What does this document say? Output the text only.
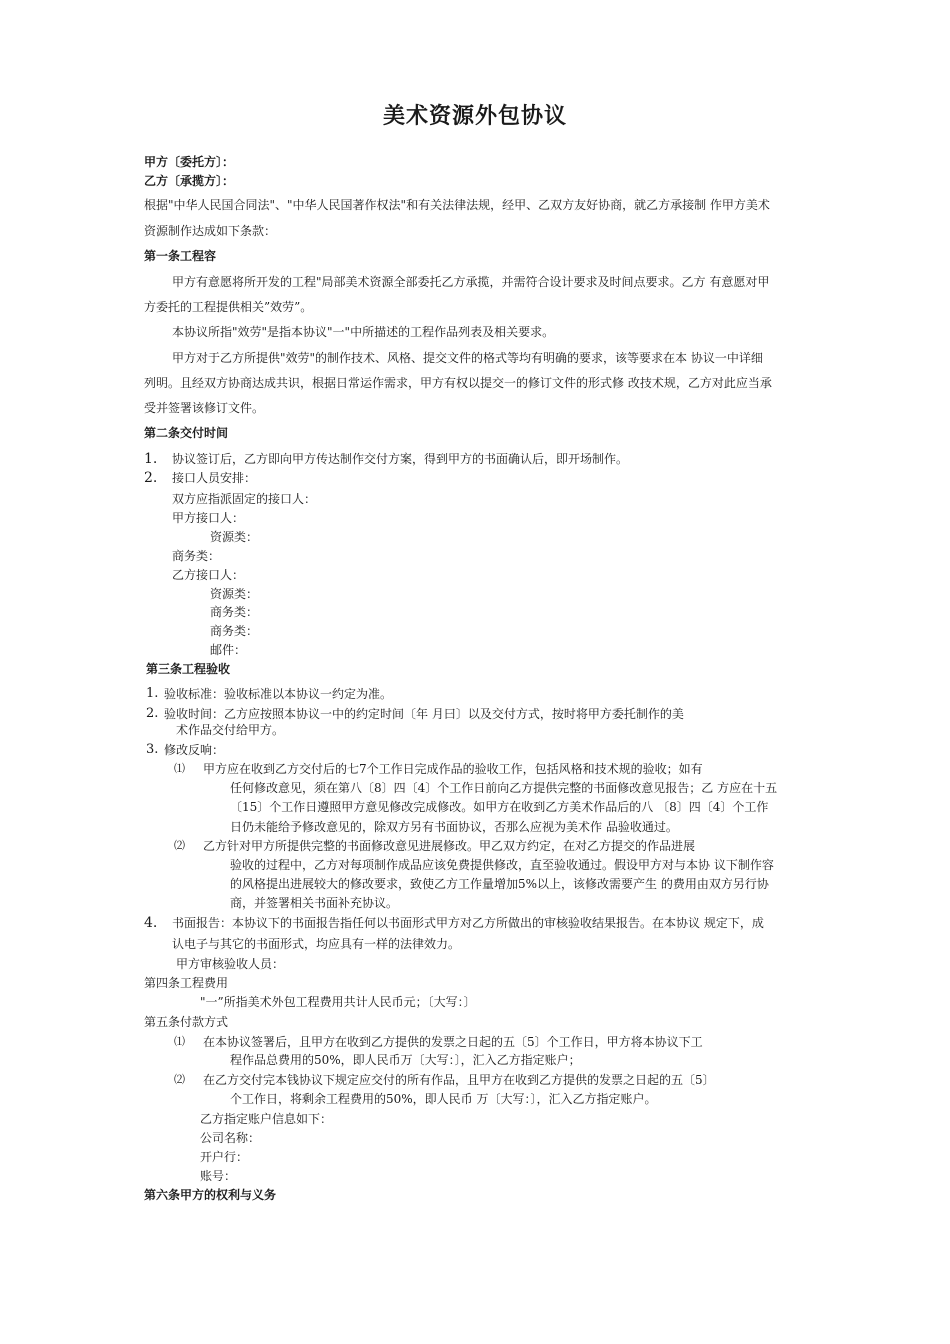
美术资源外包协议
甲方〔委托方〕：
乙方〔承揽方〕：
根据"中华人民国合同法"、"中华人民国著作权法"和有关法律法规，经甲、乙双方友好协商，就乙方承接制 作甲方美术
资源制作达成如下条款：
第一条工程容
甲方有意愿将所开发的工程"局部美术资源全部委托乙方承揽，并需符合设计要求及时间点要求。乙方 有意愿对甲
方委托的工程提供相关”效劳”。
本协议所指"效劳"是指本协议"一"中所描述的工程作品列表及相关要求。
甲方对于乙方所提供"效劳"的制作技术、风格、提交文件的格式等均有明确的要求，该等要求在本 协议一中详细
列明。且经双方协商达成共识，根据日常运作需求，甲方有权以提交一的修订文件的形式修 改技术规，乙方对此应当承
受并签署该修订文件。
第二条交付时间
1. 协议签订后，乙方即向甲方传达制作交付方案，得到甲方的书面确认后，即开场制作。
2. 接口人员安排：
双方应指派固定的接口人：
甲方接口人：
资源类：
商务类：
乙方接口人：
资源类：
商务类：
商务类：
邮件：
第三条工程验收
1. 验收标准：验收标准以本协议一约定为准。
2. 验收时间：乙方应按照本协议一中的约定时间〔年 月曰〕以及交付方式，按时将甲方委托制作的美
术作品交付给甲方。
3. 修改反响：
⑴ 甲方应在收到乙方交付后的七7个工作日完成作品的验收工作，包括风格和技术规的验收；如有
任何修改意见，须在第八〔8〕四〔4〕个工作日前向乙方提供完整的书面修改意见报告；乙 方应在十五
〔15〕个工作日遵照甲方意见修改完成修改。如甲方在收到乙方美术作品后的八 〔8〕四〔4〕个工作
日仍未能给予修改意见的，除双方另有书面协议，否那么应视为美术作 品验收通过。
⑵ 乙方针对甲方所提供完整的书面修改意见进展修改。甲乙双方约定，在对乙方提交的作品进展
验收的过程中，乙方对每项制作成品应该免费提供修改，直至验收通过。假设甲方对与本协 议下制作容
的风格提出进展较大的修改要求，致使乙方工作量增加5%以上，该修改需要产生 的费用由双方另行协
商，并签署相关书面补充协议。
4. 书面报告：本协议下的书面报告指任何以书面形式甲方对乙方所做出的审核验收结果报告。在本协议 规定下，成
认电子与其它的书面形式，均应具有一样的法律效力。
甲方审核验收人员：
第四条工程费用
"一”所指美术外包工程费用共计人民币元；〔大写：〕
第五条付款方式
⑴ 在本协议签署后，且甲方在收到乙方提供的发票之日起的五〔5〕个工作日，甲方将本协议下工
程作品总费用的50%，即人民币万〔大写：〕，汇入乙方指定账户；
⑵ 在乙方交付完本钱协议下规定应交付的所有作品，且甲方在收到乙方提供的发票之日起的五〔5〕
个工作日，将剩余工程费用的50%，即人民币 万〔大写：〕，汇入乙方指定账户。
乙方指定账户信息如下：
公司名称：
开户行：
账号：
第六条甲方的权利与义务
